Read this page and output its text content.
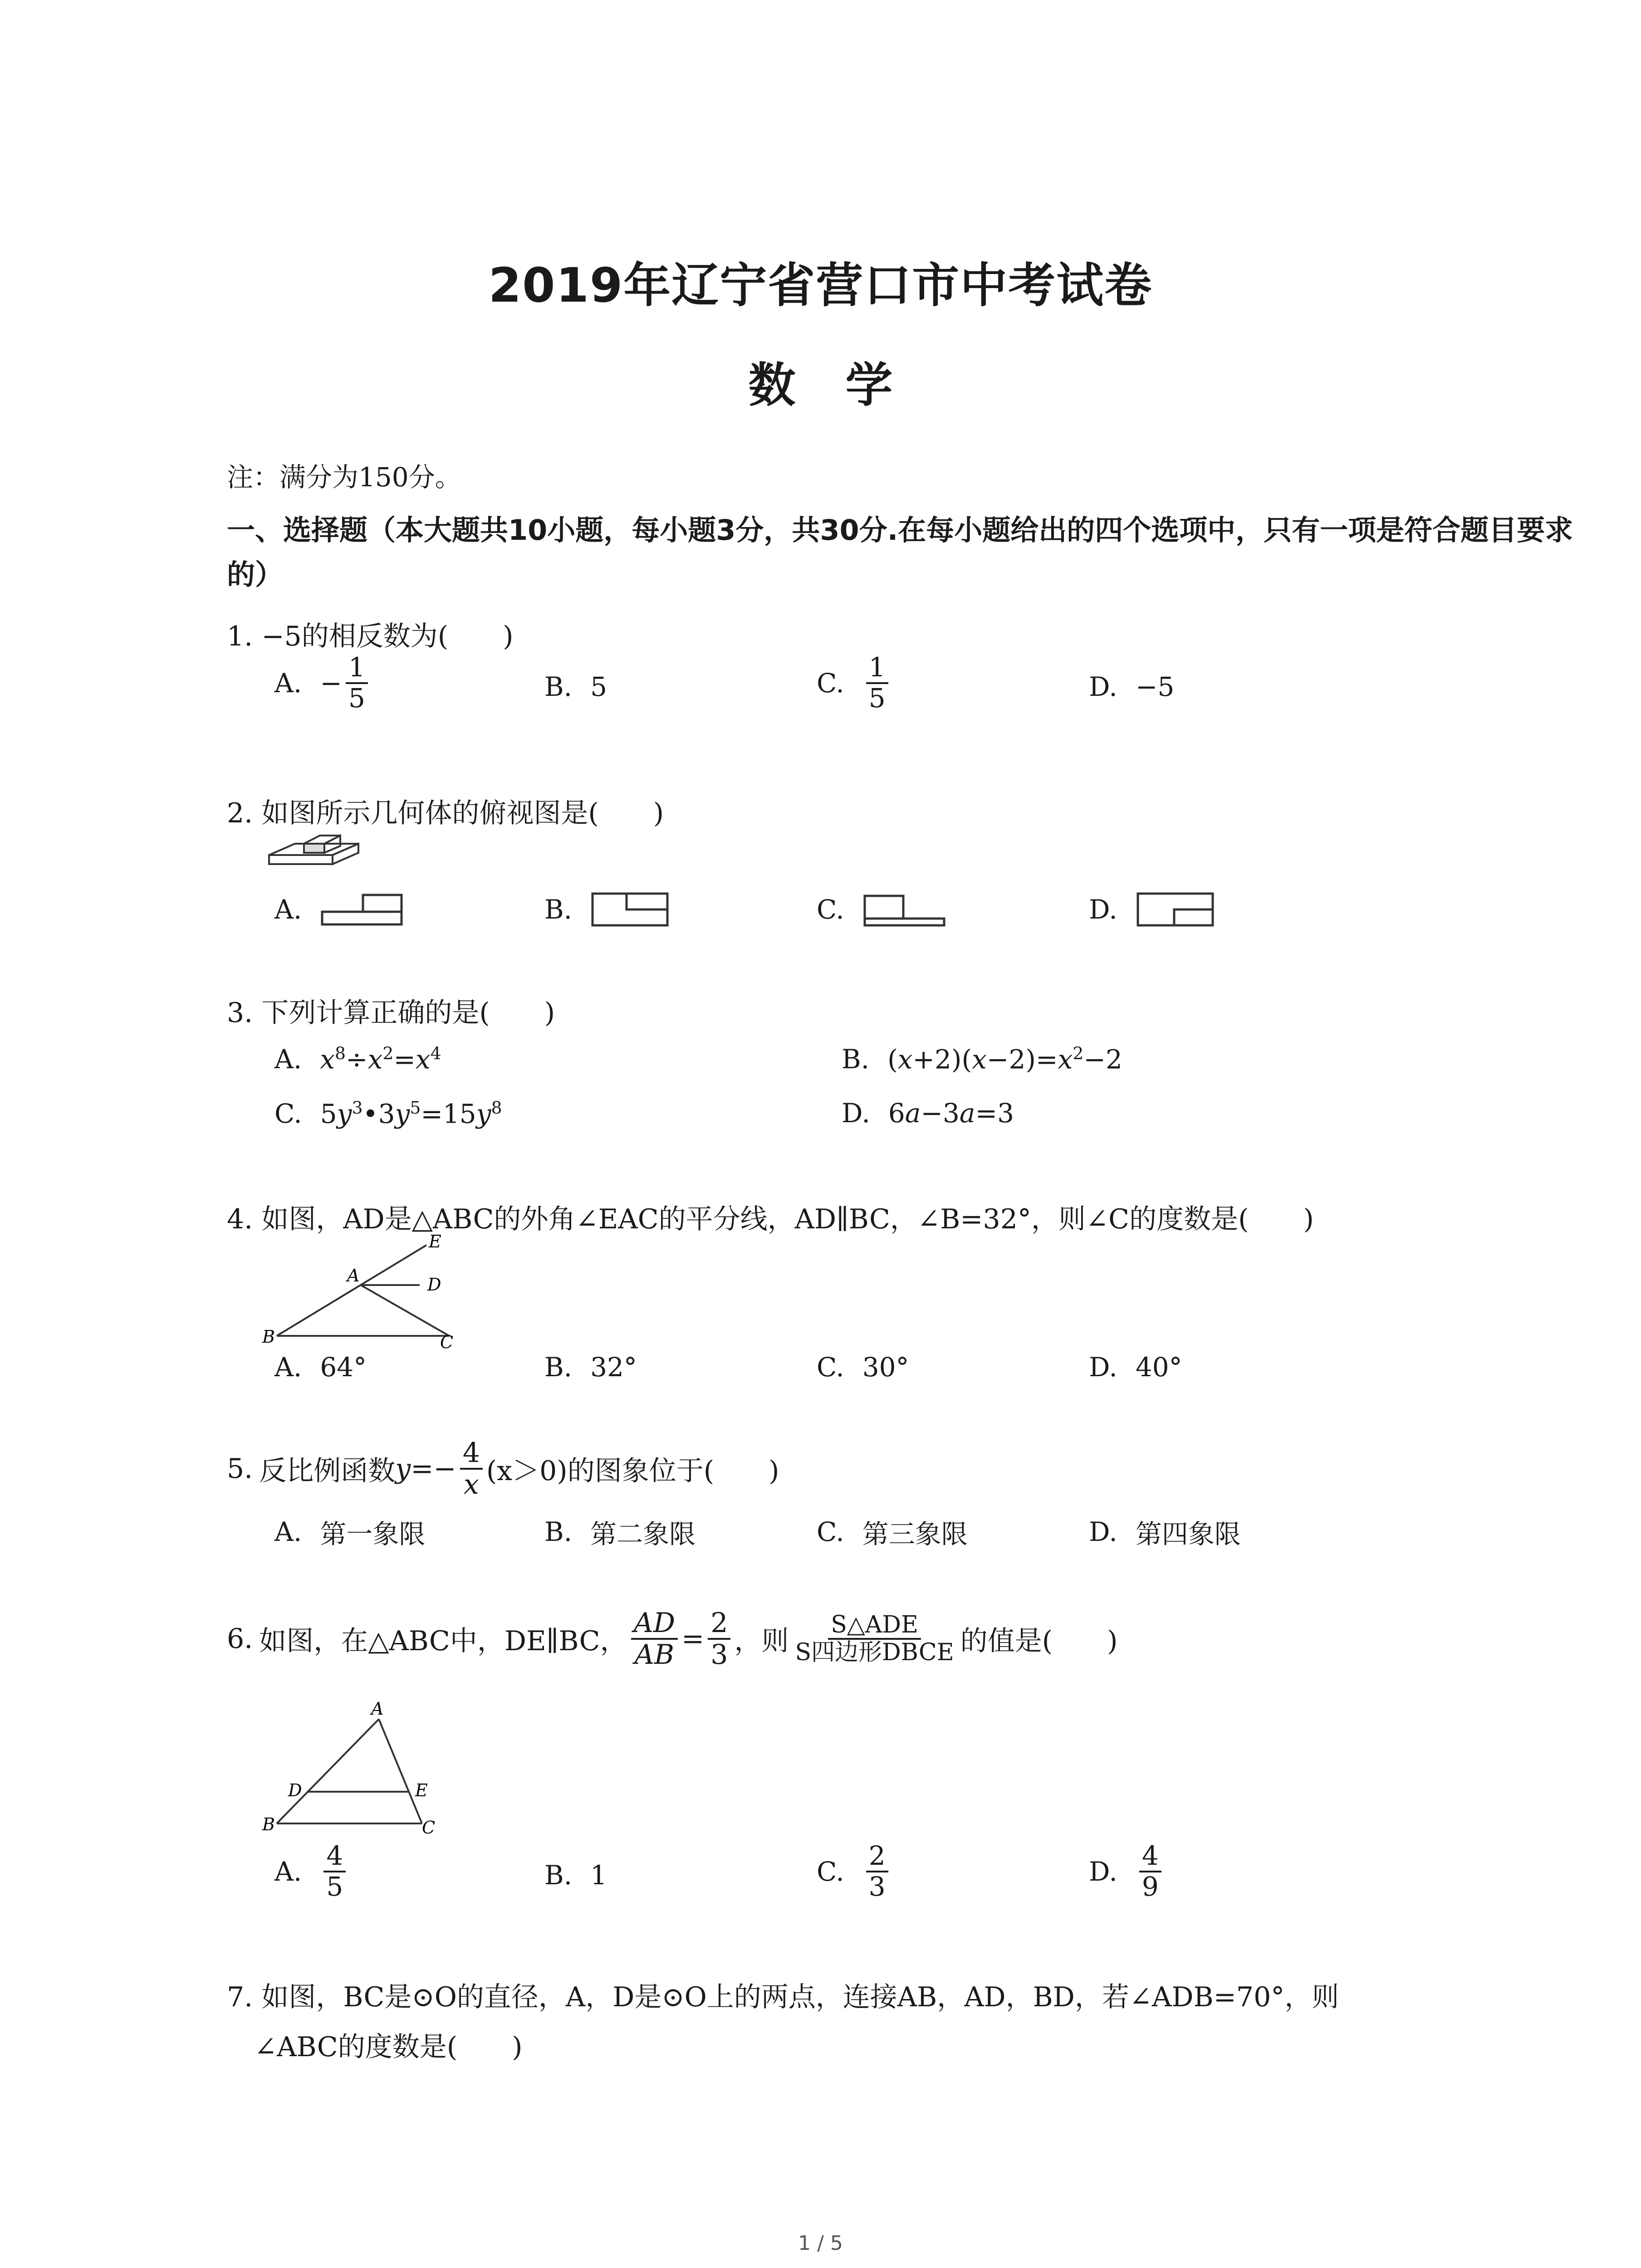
2019年辽宁省营口市中考试卷
数学
注：满分为150分。
一、选择题（本大题共10小题，每小题3分，共30分.在每小题给出的四个选项中，只有一项是符合题目要求的）
1. −5的相反数为(　　)
A. − $\frac{1}{5}$	B. 5	C. $\frac{1}{5}$	D. −5
2. 如图所示几何体的俯视图是(　　)
A.	B.	C.	D.
3. 下列计算正确的是(　　)
A. $x^8\div x^2=x^4$	B. $(x+2)(x-2)=x^2-2$
C. $5y^3•3y^5=15y^8$	D. 6a−3a=3
4. 如图，AD是△ABC的外角∠EAC的平分线，AD∥BC，∠B=32°，则∠C的度数是(　　)
B
A
E
D
C
A. 64°	B. 32°	C. 30°	D. 40°
5. 反比例函数 $y=- \frac{4}{x} (x>0)$的图象位于(　　)
A. 第一象限	B. 第二象限	C. 第三象限	D. 第四象限
6. 如图，在△ABC中，DE∥BC， $\frac{AD}{AB} = \frac{2}{3}$ ，则 $\frac{\text{S△ADE}}{\text{S四边形DBCE}}$ 的值是(　　)
B
A
D	E
C
A. $\frac{4}{5}$	B. 1	C. $\frac{2}{3}$	D. $\frac{4}{9}$
7. 如图，BC是⊙O的直径，A，D是⊙O上的两点，连接AB，AD，BD，若∠ADB=70°，则
∠ABC的度数是(　　)
1 / 5
